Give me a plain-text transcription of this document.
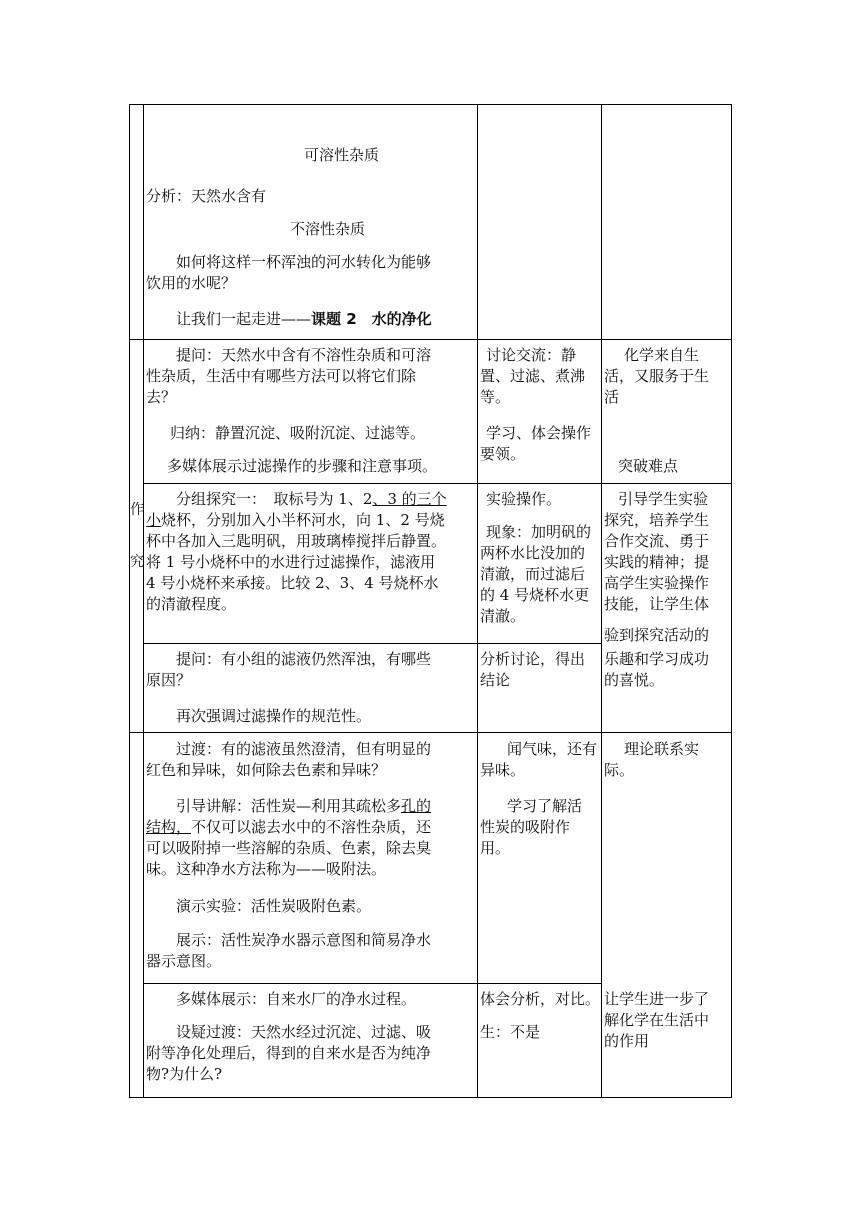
可溶性杂质

分析：天然水含有

不溶性杂质

如何将这样一杯浑浊的河水转化为能够

饮用的水呢？

让我们一起走进——课题 2　水的净化

提问：天然水中含有不溶性杂质和可溶

性杂质，生活中有哪些方法可以将它们除

去？

归纳：静置沉淀、吸附沉淀、过滤等。

多媒体展示过滤操作的步骤和注意事项。

讨论交流：静

置、过滤、煮沸

等。

学习、体会操作

要领。

化学来自生

活，又服务于生

活

突破难点

作

究

分组探究一：　取标号为 1、2、3 的三个

小烧杯，分别加入小半杯河水，向 1、2 号烧

杯中各加入三匙明矾，用玻璃棒搅拌后静置。

将 1 号小烧杯中的水进行过滤操作，滤液用

4 号小烧杯来承接。比较 2、3、4 号烧杯水

的清澈程度。

实验操作。

现象：加明矾的

两杯水比没加的

清澈，而过滤后

的 4 号烧杯水更

清澈。

引导学生实验

探究，培养学生

合作交流、勇于

实践的精神；提

高学生实验操作

技能，让学生体

验到探究活动的

乐趣和学习成功

的喜悦。

提问：有小组的滤液仍然浑浊，有哪些

原因？

再次强调过滤操作的规范性。

分析讨论，得出

结论

过渡：有的滤液虽然澄清，但有明显的

红色和异味，如何除去色素和异味？

引导讲解：活性炭—利用其疏松多孔的

结构，不仅可以滤去水中的不溶性杂质，还

可以吸附掉一些溶解的杂质、色素，除去臭

味。这种净水方法称为——吸附法。

演示实验：活性炭吸附色素。

展示：活性炭净水器示意图和简易净水

器示意图。

闻气味，还有

异味。

学习了解活

性炭的吸附作

用。

理论联系实

际。

多媒体展示：自来水厂的净水过程。

设疑过渡：天然水经过沉淀、过滤、吸

附等净化处理后，得到的自来水是否为纯净

物?为什么?

体会分析，对比。

生：不是

让学生进一步了

解化学在生活中

的作用
